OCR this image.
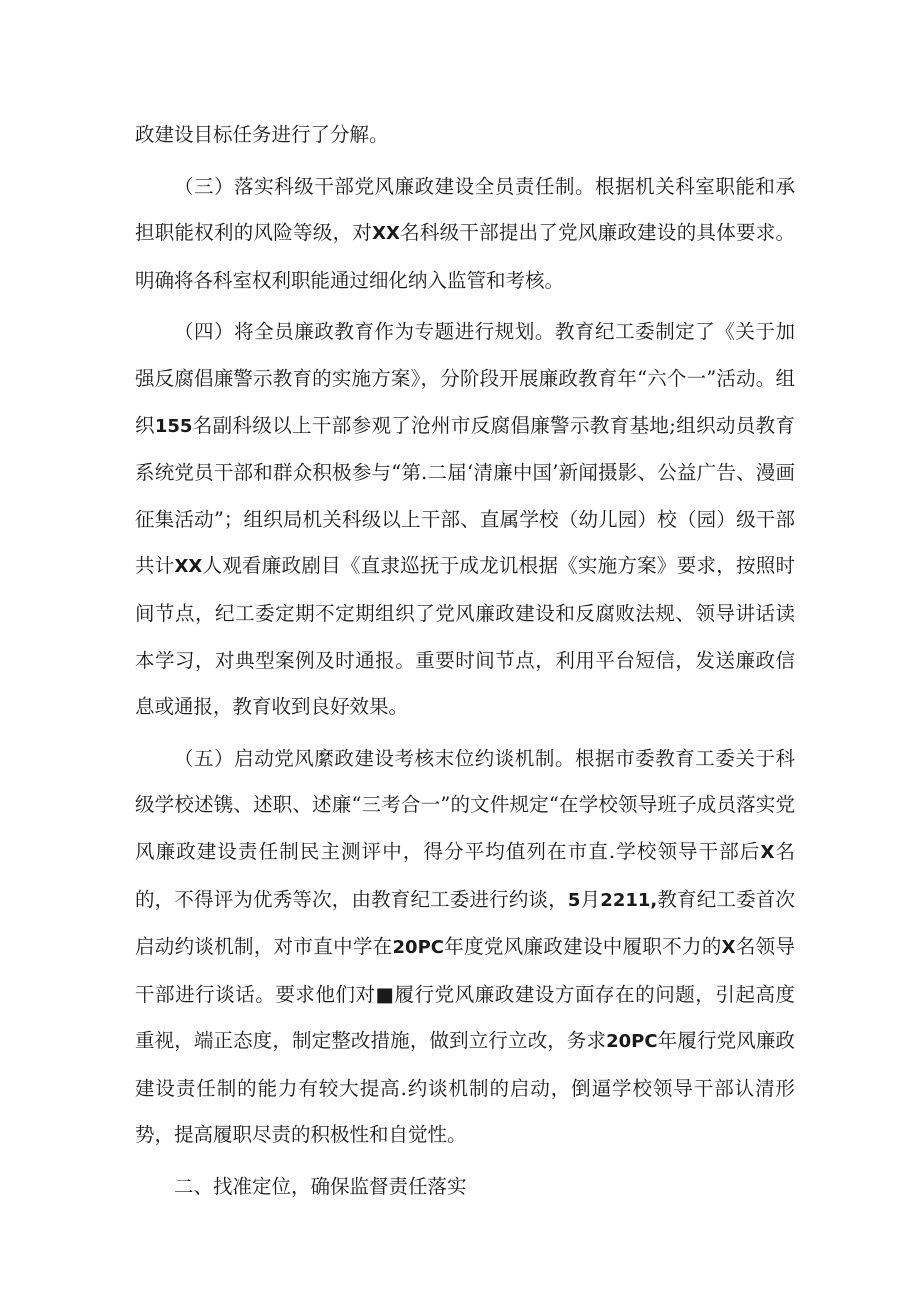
政建设目标任务进行了分解。

（三）落实科级干部党风廉政建设全员责任制。根据机关科室职能和承担职能权利的风险等级，对XX名科级干部提出了党风廉政建设的具体要求。明确将各科室权利职能通过细化纳入监管和考核。

（四）将全员廉政教育作为专题进行规划。教育纪工委制定了《关于加强反腐倡廉警示教育的实施方案》，分阶段开展廉政教育年“六个一”活动。组织155名副科级以上干部参观了沧州市反腐倡廉警示教育基地;组织动员教育系统党员干部和群众积极参与“第.二届‘清廉中国’新闻摄影、公益广告、漫画征集活动”；组织局机关科级以上干部、直属学校（幼儿园）校（园）级干部共计XX人观看廉政剧目《直隶巡抚于成龙讥根据《实施方案》要求，按照时间节点，纪工委定期不定期组织了党风廉政建设和反腐败法规、领导讲话读本学习，对典型案例及时通报。重要时间节点，利用平台短信，发送廉政信息或通报，教育收到良好效果。

（五）启动党风縻政建设考核末位约谈机制。根据市委教育工委关于科级学校述镌、述职、述廉“三考合一”的文件规定“在学校领导班子成员落实党风廉政建设责任制民主测评中，得分平均值列在市直.学校领导干部后X名的，不得评为优秀等次，由教育纪工委进行约谈，5月2211,教育纪工委首次启动约谈机制，对市直中学在20PC年度党风廉政建设中履职不力的X名领导干部进行谈话。要求他们对■履行党风廉政建设方面存在的问题，引起高度重视，端正态度，制定整改措施，做到立行立改，务求20PC年履行党风廉政建设责任制的能力有较大提高.约谈机制的启动，倒逼学校领导干部认清形势，提高履职尽责的积极性和自觉性。

二、找准定位，确保监督责任落实
